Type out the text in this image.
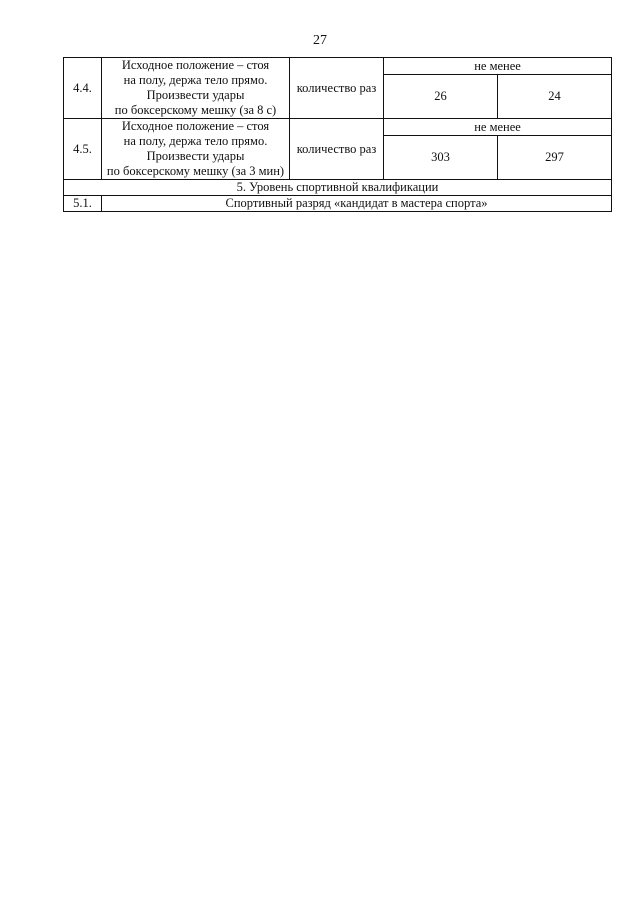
27
4.4.	Исходное положение – стоя
на полу, держа тело прямо.
Произвести удары
по боксерскому мешку (за 8 с)	количество раз	не менее	
			26	24
4.5.	Исходное положение – стоя
на полу, держа тело прямо.
Произвести удары
по боксерскому мешку (за 3 мин)	количество раз	не менее	
			303	297
5. Уровень спортивной квалификации				
5.1.	Спортивный разряд «кандидат в мастера спорта»			
